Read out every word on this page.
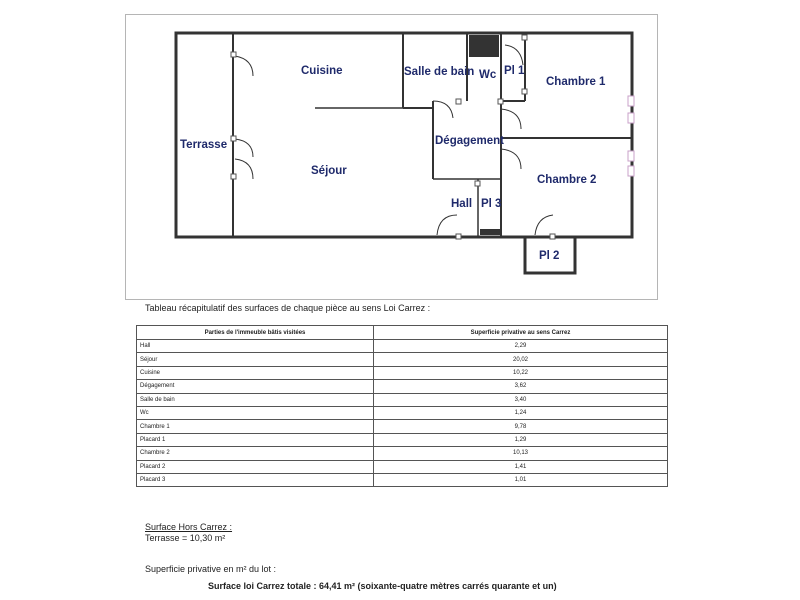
Cuisine	Salle de bain Wc Pl 1
Chambre 1
Terrasse	Dégagement
Séjour
Chambre 2
Hall Pl 3
Pl 2
Tableau récapitulatif des surfaces de chaque pièce au sens Loi Carrez :
Parties de l'immeuble bâtis visitées	Superficie privative au sens Carrez
Hall	2,29
Séjour	20,02
Cuisine	10,22
Dégagement	3,62
Salle de bain	3,40
Wc	1,24
Chambre 1	9,78
Placard 1	1,29
Chambre 2	10,13
Placard 2	1,41
Placard 3	1,01
Surface Hors Carrez :
Terrasse = 10,30 m²
Superficie privative en m² du lot :
Surface loi Carrez totale : 64,41 m² (soixante-quatre mètres carrés quarante et un)
